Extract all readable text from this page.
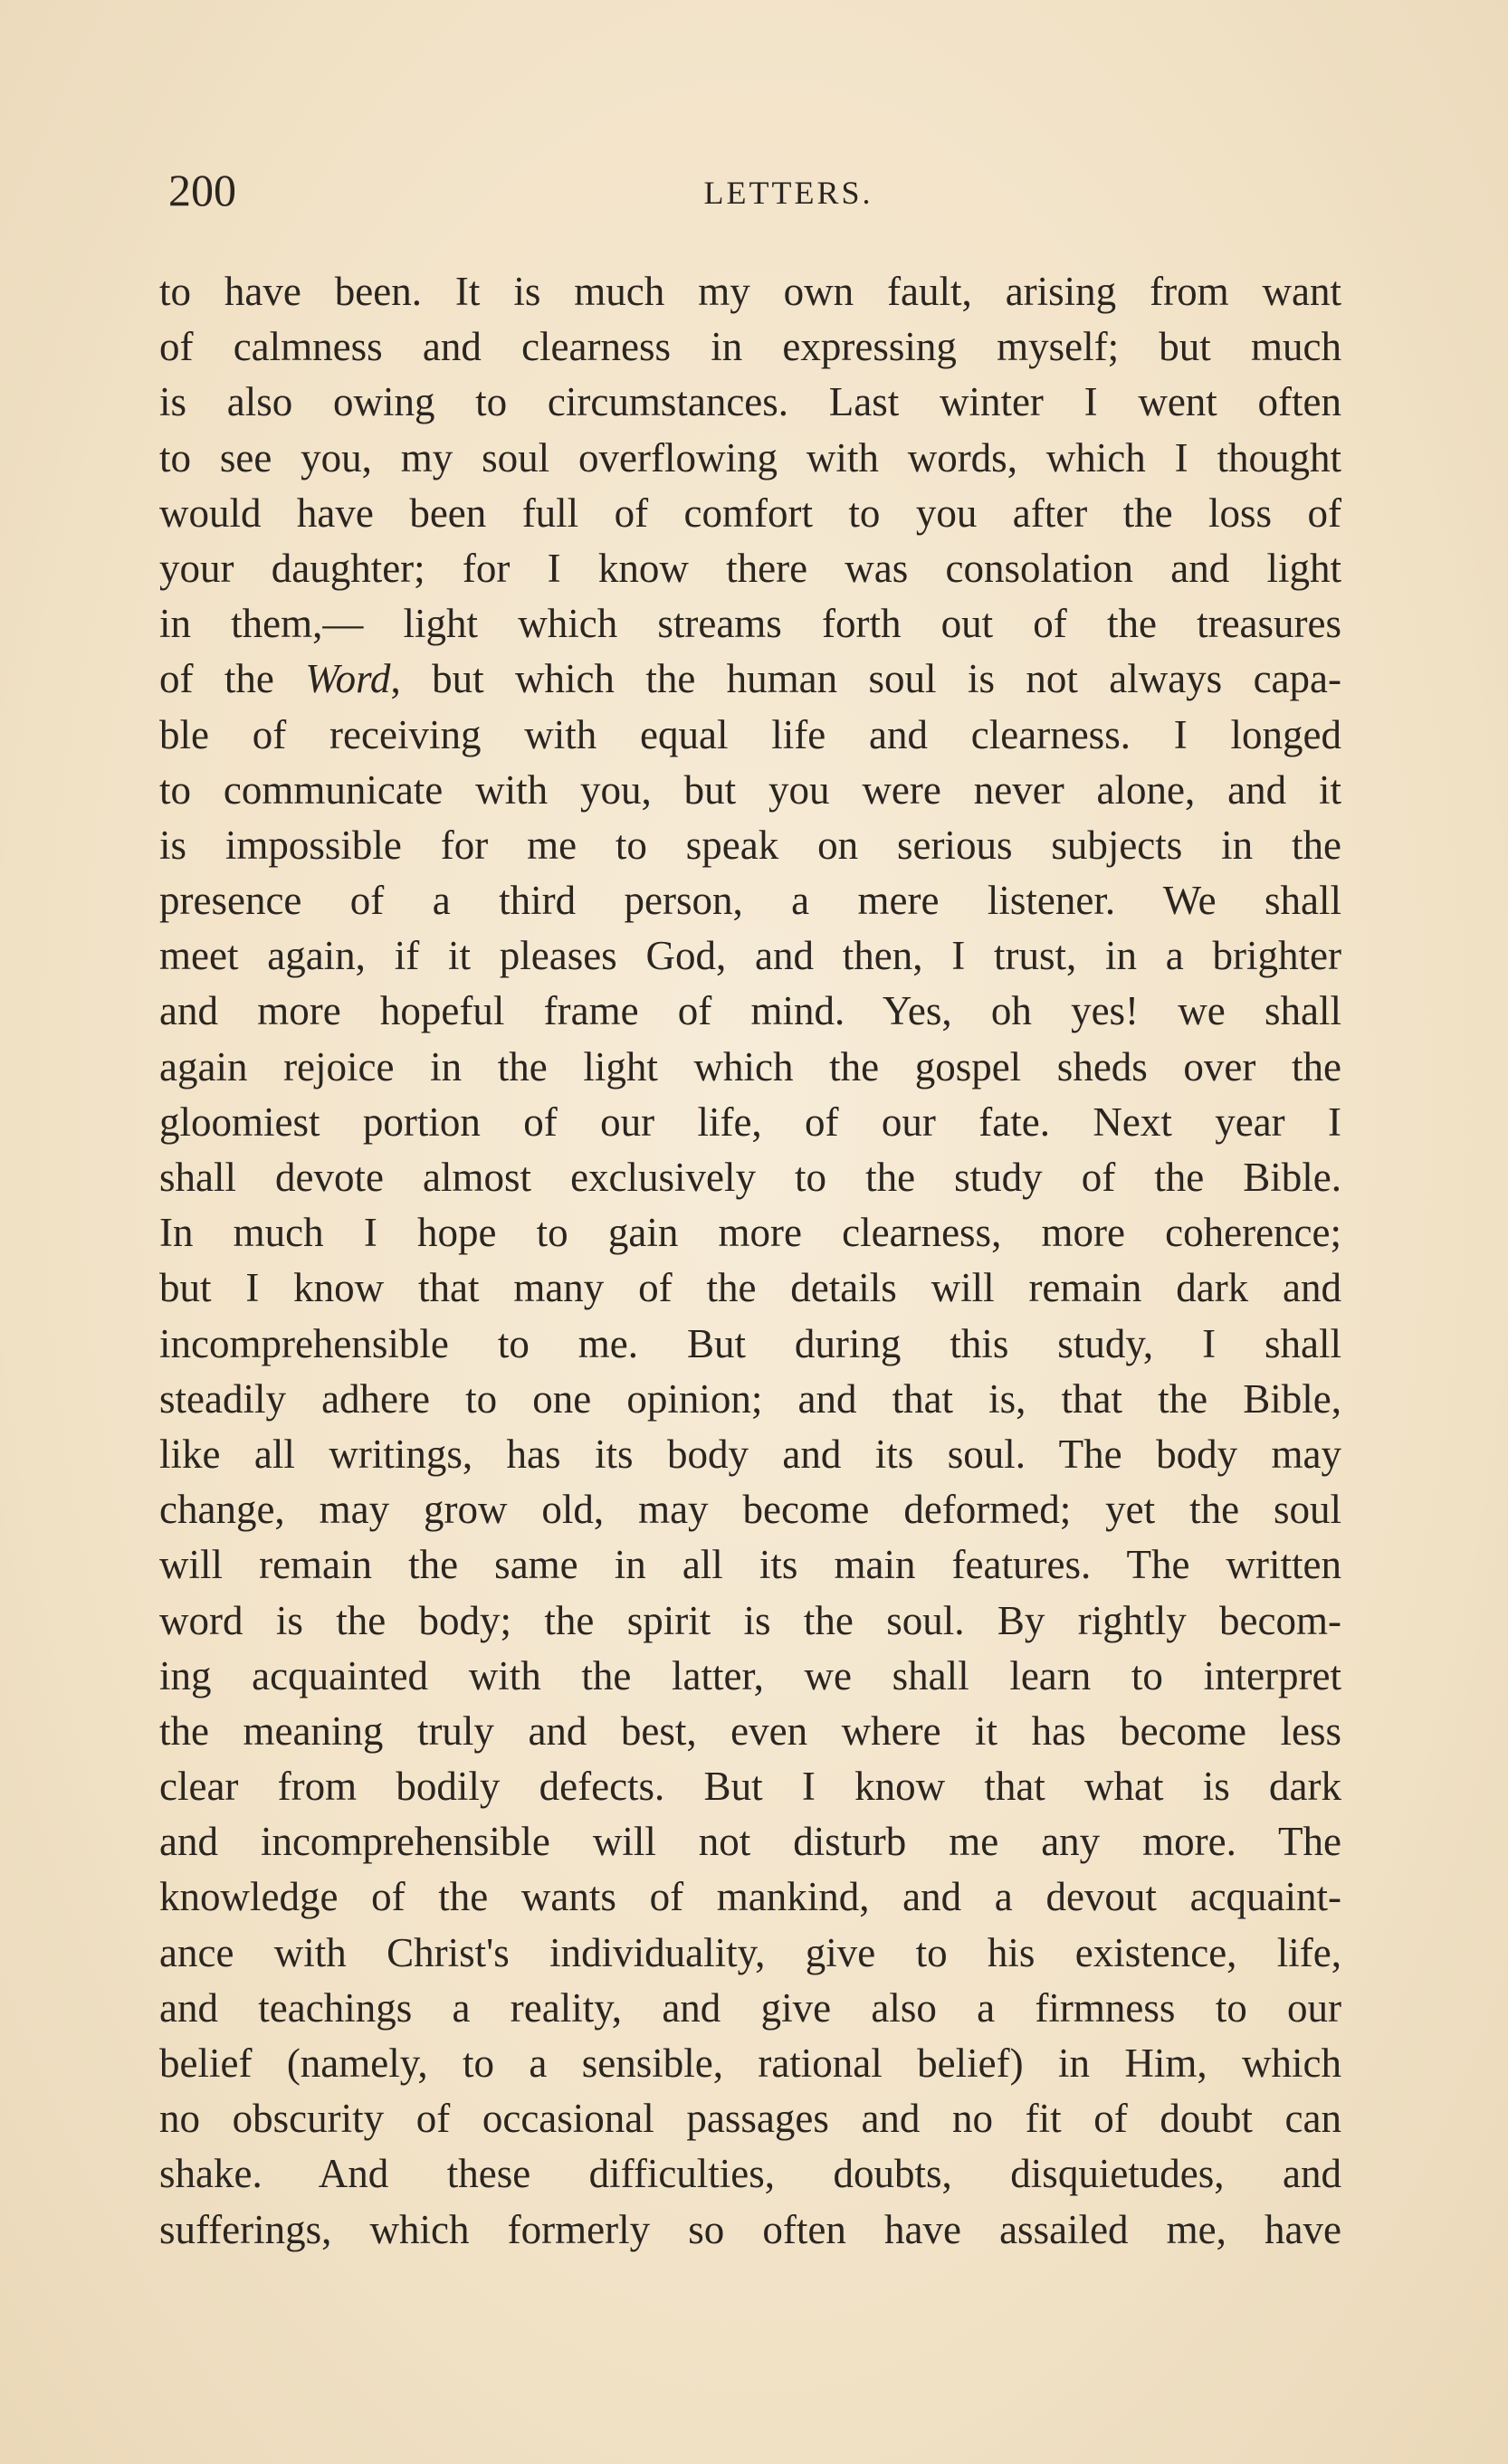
200	LETTERS.
to have been. It is much my own fault, arising from want
of calmness and clearness in expressing myself; but much
is also owing to circumstances. Last winter I went often
to see you, my soul overflowing with words, which I thought
would have been full of comfort to you after the loss of
your daughter; for I know there was consolation and light
in them,— light which streams forth out of the treasures
of the Word, but which the human soul is not always capa-
ble of receiving with equal life and clearness. I longed
to communicate with you, but you were never alone, and it
is impossible for me to speak on serious subjects in the
presence of a third person, a mere listener. We shall
meet again, if it pleases God, and then, I trust, in a brighter
and more hopeful frame of mind. Yes, oh yes! we shall
again rejoice in the light which the gospel sheds over the
gloomiest portion of our life, of our fate. Next year I
shall devote almost exclusively to the study of the Bible.
In much I hope to gain more clearness, more coherence;
but I know that many of the details will remain dark and
incomprehensible to me. But during this study, I shall
steadily adhere to one opinion; and that is, that the Bible,
like all writings, has its body and its soul. The body may
change, may grow old, may become deformed; yet the soul
will remain the same in all its main features. The written
word is the body; the spirit is the soul. By rightly becom-
ing acquainted with the latter, we shall learn to interpret
the meaning truly and best, even where it has become less
clear from bodily defects. But I know that what is dark
and incomprehensible will not disturb me any more. The
knowledge of the wants of mankind, and a devout acquaint-
ance with Christ's individuality, give to his existence, life,
and teachings a reality, and give also a firmness to our
belief (namely, to a sensible, rational belief) in Him, which
no obscurity of occasional passages and no fit of doubt can
shake. And these difficulties, doubts, disquietudes, and
sufferings, which formerly so often have assailed me, have
